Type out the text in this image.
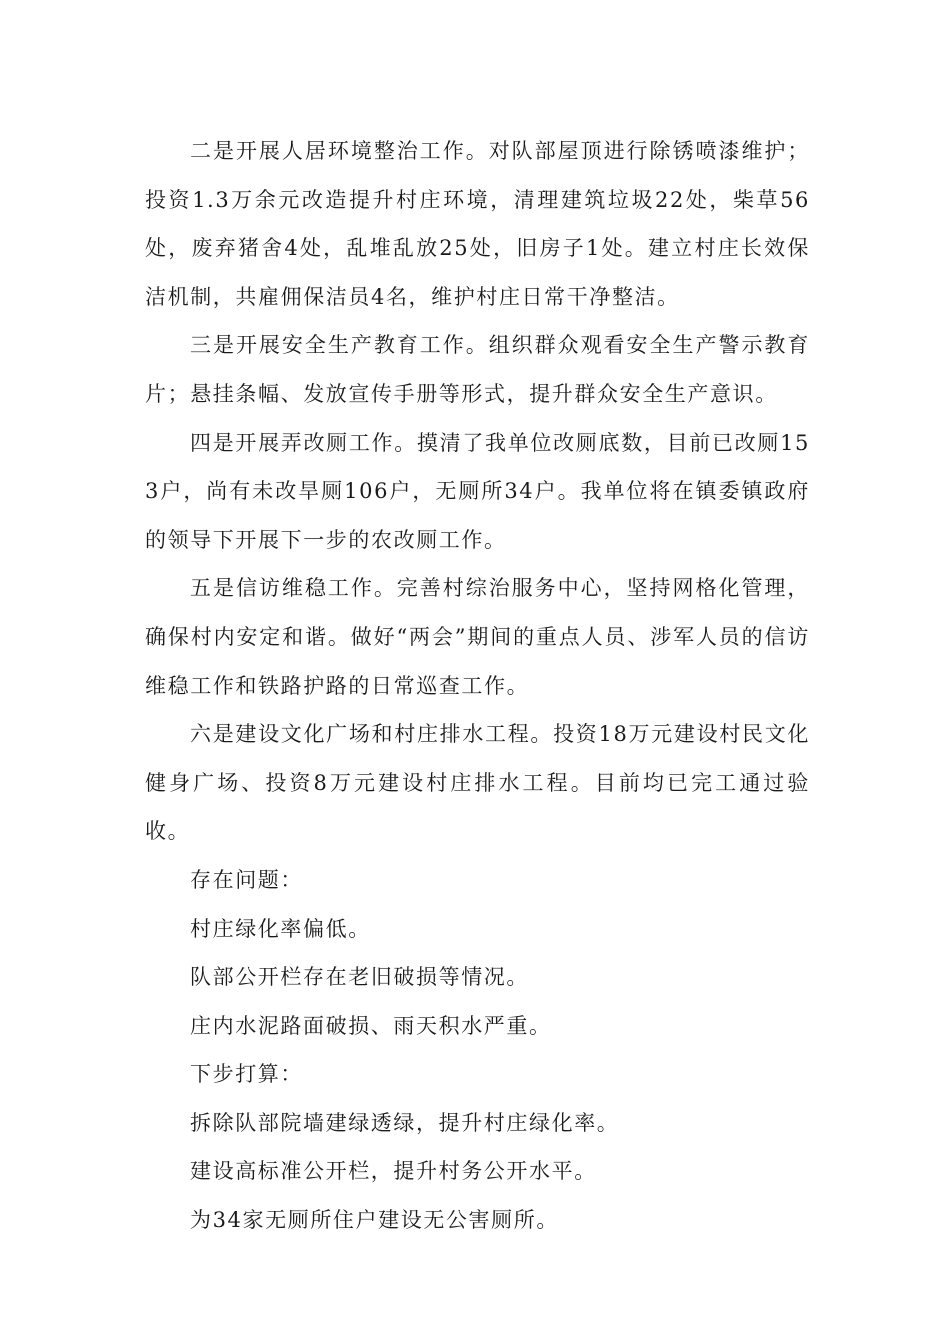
二是开展人居环境整治工作。对队部屋顶进行除锈喷漆维护；投资1.3万余元改造提升村庄环境，清理建筑垃圾22处，柴草56处，废弃猪舍4处，乱堆乱放25处，旧房子1处。建立村庄长效保洁机制，共雇佣保洁员4名，维护村庄日常干净整洁。

三是开展安全生产教育工作。组织群众观看安全生产警示教育片；悬挂条幅、发放宣传手册等形式，提升群众安全生产意识。

四是开展弄改厕工作。摸清了我单位改厕底数，目前已改厕153户，尚有未改旱厕106户，无厕所34户。我单位将在镇委镇政府的领导下开展下一步的农改厕工作。

五是信访维稳工作。完善村综治服务中心，坚持网格化管理，确保村内安定和谐。做好“两会”期间的重点人员、涉军人员的信访维稳工作和铁路护路的日常巡查工作。

六是建设文化广场和村庄排水工程。投资18万元建设村民文化健身广场、投资8万元建设村庄排水工程。目前均已完工通过验收。

存在问题：

村庄绿化率偏低。

队部公开栏存在老旧破损等情况。

庄内水泥路面破损、雨天积水严重。

下步打算：

拆除队部院墙建绿透绿，提升村庄绿化率。

建设高标准公开栏，提升村务公开水平。

为34家无厕所住户建设无公害厕所。
